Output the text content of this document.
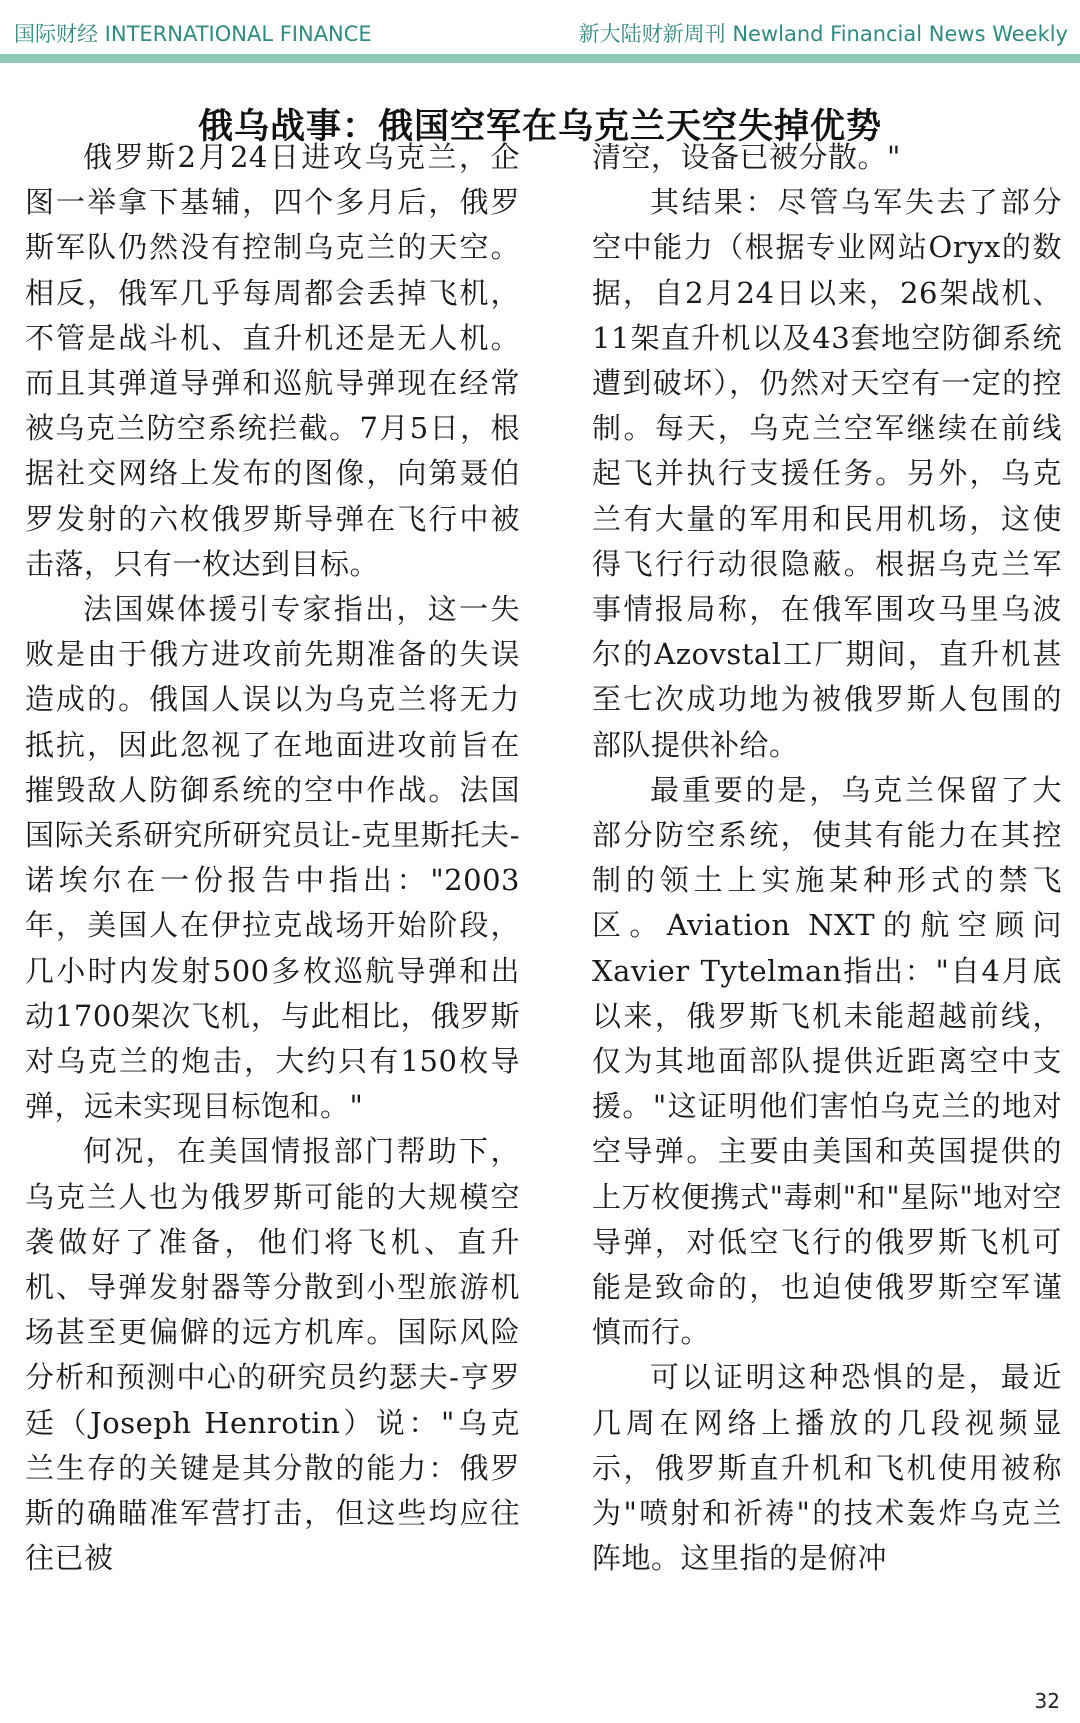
国际财经 INTERNATIONAL FINANCE	新大陆财新周刊 Newland Financial News Weekly
俄乌战事：俄国空军在乌克兰天空失掉优势

俄罗斯2月24日进攻乌克兰，企图一举拿下基辅，四个多月后，俄罗斯军队仍然没有控制乌克兰的天空。相反，俄军几乎每周都会丢掉飞机，不管是战斗机、直升机还是无人机。而且其弹道导弹和巡航导弹现在经常被乌克兰防空系统拦截。7月5日，根据社交网络上发布的图像，向第聂伯罗发射的六枚俄罗斯导弹在飞行中被击落，只有一枚达到目标。

法国媒体援引专家指出，这一失败是由于俄方进攻前先期准备的失误造成的。俄国人误以为乌克兰将无力抵抗，因此忽视了在地面进攻前旨在摧毁敌人防御系统的空中作战。法国国际关系研究所研究员让-克里斯托夫-诺埃尔在一份报告中指出："2003年，美国人在伊拉克战场开始阶段，几小时内发射500多枚巡航导弹和出动1700架次飞机，与此相比，俄罗斯对乌克兰的炮击，大约只有150枚导弹，远未实现目标饱和。"

何况，在美国情报部门帮助下，乌克兰人也为俄罗斯可能的大规模空袭做好了准备，他们将飞机、直升机、导弹发射器等分散到小型旅游机场甚至更偏僻的远方机库。国际风险分析和预测中心的研究员约瑟夫-亨罗廷（Joseph Henrotin）说："乌克兰生存的关键是其分散的能力：俄罗斯的确瞄准军营打击，但这些均应往往已被

清空，设备已被分散。"

其结果：尽管乌军失去了部分空中能力（根据专业网站Oryx的数据，自2月24日以来，26架战机、11架直升机以及43套地空防御系统遭到破坏），仍然对天空有一定的控制。每天，乌克兰空军继续在前线起飞并执行支援任务。另外，乌克兰有大量的军用和民用机场，这使得飞行行动很隐蔽。根据乌克兰军事情报局称，在俄军围攻马里乌波尔的Azovstal工厂期间，直升机甚至七次成功地为被俄罗斯人包围的部队提供补给。

最重要的是，乌克兰保留了大部分防空系统，使其有能力在其控制的领土上实施某种形式的禁飞区。Aviation NXT的航空顾问Xavier Tytelman指出："自4月底以来，俄罗斯飞机未能超越前线，仅为其地面部队提供近距离空中支援。"这证明他们害怕乌克兰的地对空导弹。主要由美国和英国提供的上万枚便携式"毒刺"和"星际"地对空导弹，对低空飞行的俄罗斯飞机可能是致命的，也迫使俄罗斯空军谨慎而行。

可以证明这种恐惧的是，最近几周在网络上播放的几段视频显示，俄罗斯直升机和飞机使用被称为"喷射和祈祷"的技术轰炸乌克兰阵地。这里指的是俯冲

32
